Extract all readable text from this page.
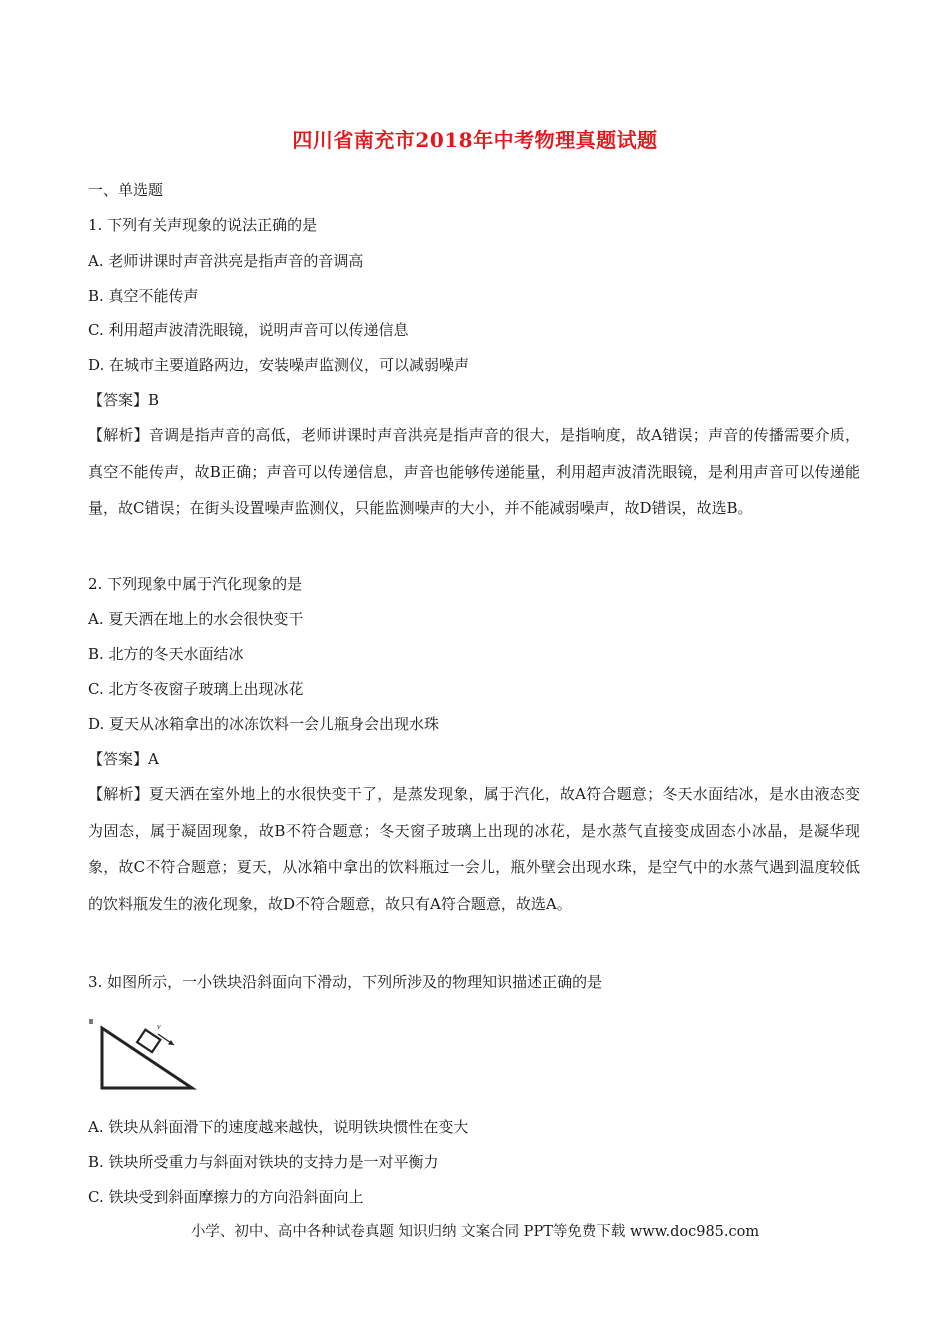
四川省南充市2018年中考物理真题试题
一、单选题
1. 下列有关声现象的说法正确的是
A. 老师讲课时声音洪亮是指声音的音调高
B. 真空不能传声
C. 利用超声波清洗眼镜，说明声音可以传递信息
D. 在城市主要道路两边，安装噪声监测仪，可以减弱噪声
【答案】B
【解析】音调是指声音的高低，老师讲课时声音洪亮是指声音的很大，是指响度，故A错误；声音的传播需要介质，真空不能传声，故B正确；声音可以传递信息，声音也能够传递能量，利用超声波清洗眼镜，是利用声音可以传递能量，故C错误；在街头设置噪声监测仪，只能监测噪声的大小，并不能减弱噪声，故D错误，故选B。
2. 下列现象中属于汽化现象的是
A. 夏天洒在地上的水会很快变干
B. 北方的冬天水面结冰
C. 北方冬夜窗子玻璃上出现冰花
D. 夏天从冰箱拿出的冰冻饮料一会儿瓶身会出现水珠
【答案】A
【解析】夏天洒在室外地上的水很快变干了，是蒸发现象，属于汽化，故A符合题意；冬天水面结冰，是水由液态变为固态，属于凝固现象，故B不符合题意；冬天窗子玻璃上出现的冰花，是水蒸气直接变成固态小冰晶，是凝华现象，故C不符合题意；夏天，从冰箱中拿出的饮料瓶过一会儿，瓶外壁会出现水珠，是空气中的水蒸气遇到温度较低的饮料瓶发生的液化现象，故D不符合题意，故只有A符合题意，故选A。
3. 如图所示，一小铁块沿斜面向下滑动，下列所涉及的物理知识描述正确的是
v
A. 铁块从斜面滑下的速度越来越快，说明铁块惯性在变大
B. 铁块所受重力与斜面对铁块的支持力是一对平衡力
C. 铁块受到斜面摩擦力的方向沿斜面向上
小学、初中、高中各种试卷真题 知识归纳 文案合同 PPT等免费下载 www.doc985.com
